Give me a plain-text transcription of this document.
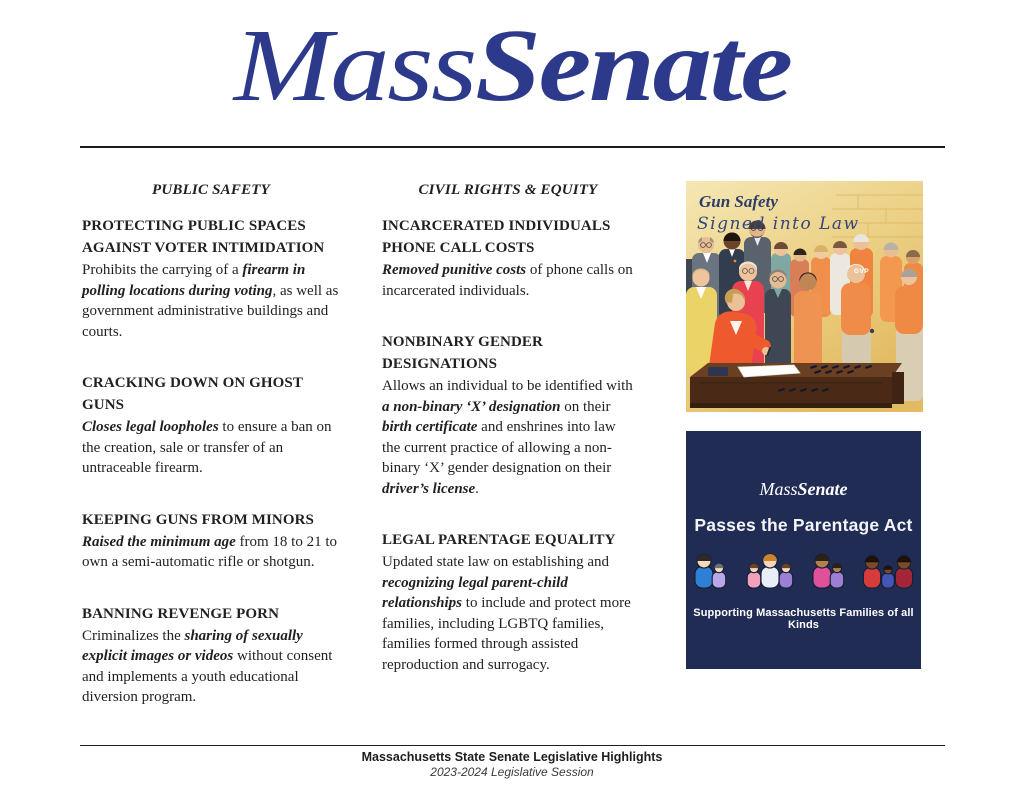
MassSenate
PUBLIC SAFETY
PROTECTING PUBLIC SPACES AGAINST VOTER INTIMIDATION

Prohibits the carrying of a firearm in polling locations during voting, as well as government administrative buildings and courts.

CRACKING DOWN ON GHOST GUNS

Closes legal loopholes to ensure a ban on the creation, sale or transfer of an untraceable firearm.

KEEPING GUNS FROM MINORS

Raised the minimum age from 18 to 21 to own a semi-automatic rifle or shotgun.

BANNING REVENGE PORN

Criminalizes the sharing of sexually explicit images or videos without consent and implements a youth educational diversion program.

CIVIL RIGHTS & EQUITY
INCARCERATED INDIVIDUALS PHONE CALL COSTS

Removed punitive costs of phone calls on incarcerated individuals.

NONBINARY GENDER DESIGNATIONS

Allows an individual to be identified with a non-binary ‘X’ designation on their birth certificate and enshrines into law the current practice of allowing a non-binary ‘X’ gender designation on their driver’s license.

LEGAL PARENTAGE EQUALITY

Updated state law on establishing and recognizing legal parent-child relationships to include and protect more families, including LGBTQ families, families formed through assisted reproduction and surrogacy.

GVP
Gun Safety
Signed into Law
MassSenate
Passes the Parentage Act
Supporting Massachusetts Families of all Kinds
Massachusetts State Senate Legislative Highlights
2023-2024 Legislative Session
